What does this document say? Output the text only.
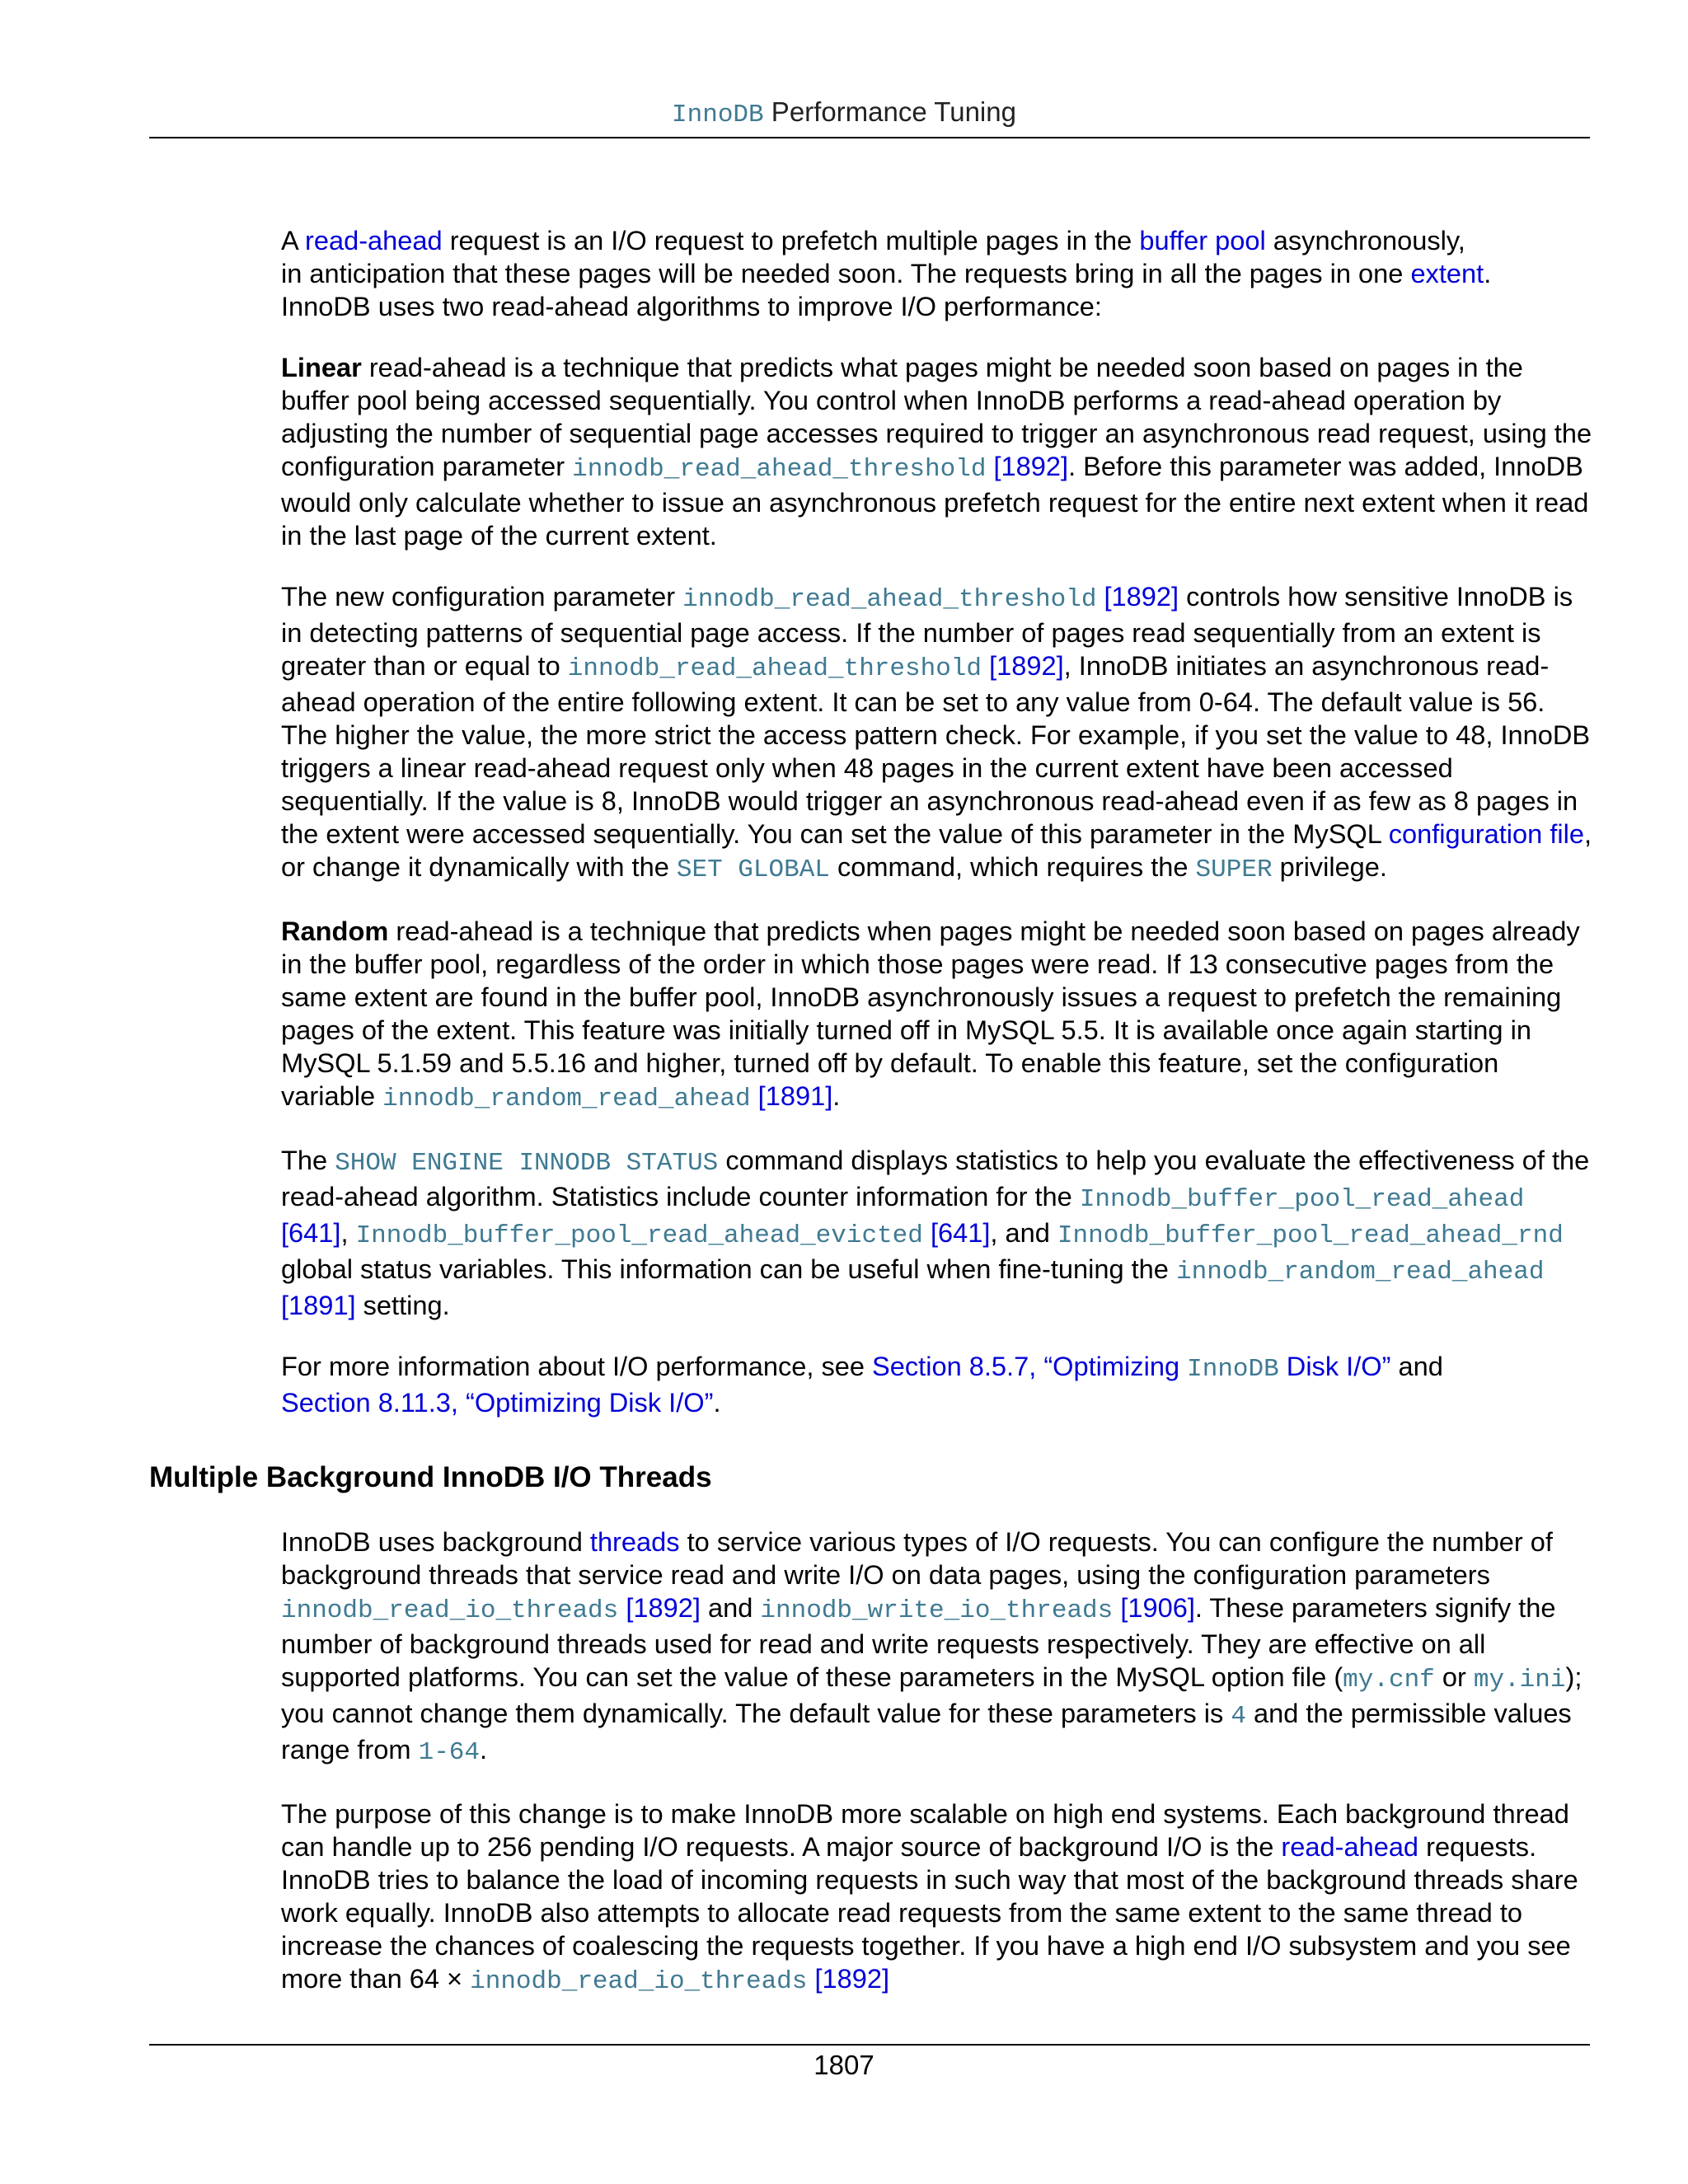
InnoDB Performance Tuning

A read-ahead request is an I/O request to prefetch multiple pages in the buffer pool asynchronously,
in anticipation that these pages will be needed soon. The requests bring in all the pages in one extent.
InnoDB uses two read-ahead algorithms to improve I/O performance:

Linear read-ahead is a technique that predicts what pages might be needed soon based on pages in the buffer pool being accessed sequentially. You control when InnoDB performs a read-ahead operation by adjusting the number of sequential page accesses required to trigger an asynchronous read request, using the configuration parameter innodb_read_ahead_threshold [1892]. Before this parameter was added, InnoDB would only calculate whether to issue an asynchronous prefetch request for the entire next extent when it read in the last page of the current extent.

The new configuration parameter innodb_read_ahead_threshold [1892] controls how sensitive InnoDB is in detecting patterns of sequential page access. If the number of pages read sequentially from an extent is greater than or equal to innodb_read_ahead_threshold [1892], InnoDB initiates an asynchronous read-ahead operation of the entire following extent. It can be set to any value from 0-64. The default value is 56. The higher the value, the more strict the access pattern check. For example, if you set the value to 48, InnoDB triggers a linear read-ahead request only when 48 pages in the current extent have been accessed sequentially. If the value is 8, InnoDB would trigger an asynchronous read-ahead even if as few as 8 pages in the extent were accessed sequentially. You can set the value of this parameter in the MySQL configuration file, or change it dynamically with the SET GLOBAL command, which requires the SUPER privilege.

Random read-ahead is a technique that predicts when pages might be needed soon based on pages already in the buffer pool, regardless of the order in which those pages were read. If 13 consecutive pages from the same extent are found in the buffer pool, InnoDB asynchronously issues a request to prefetch the remaining pages of the extent. This feature was initially turned off in MySQL 5.5. It is available once again starting in MySQL 5.1.59 and 5.5.16 and higher, turned off by default. To enable this feature, set the configuration variable innodb_random_read_ahead [1891].

The SHOW ENGINE INNODB STATUS command displays statistics to help you evaluate the effectiveness of the read-ahead algorithm. Statistics include counter information for the Innodb_buffer_pool_read_ahead [641], Innodb_buffer_pool_read_ahead_evicted [641], and Innodb_buffer_pool_read_ahead_rnd global status variables. This information can be useful when fine-tuning the innodb_random_read_ahead [1891] setting.

For more information about I/O performance, see Section 8.5.7, “Optimizing InnoDB Disk I/O” and
Section 8.11.3, “Optimizing Disk I/O”.

Multiple Background InnoDB I/O Threads

InnoDB uses background threads to service various types of I/O requests. You can configure the number of background threads that service read and write I/O on data pages, using the configuration parameters innodb_read_io_threads [1892] and innodb_write_io_threads [1906]. These parameters signify the number of background threads used for read and write requests respectively. They are effective on all supported platforms. You can set the value of these parameters in the MySQL option file (my.cnf or my.ini); you cannot change them dynamically. The default value for these parameters is 4 and the permissible values range from 1-64.

The purpose of this change is to make InnoDB more scalable on high end systems. Each background thread can handle up to 256 pending I/O requests. A major source of background I/O is the read-ahead requests. InnoDB tries to balance the load of incoming requests in such way that most of the background threads share work equally. InnoDB also attempts to allocate read requests from the same extent to the same thread to increase the chances of coalescing the requests together. If you have a high end I/O subsystem and you see more than 64 × innodb_read_io_threads [1892]

1807
